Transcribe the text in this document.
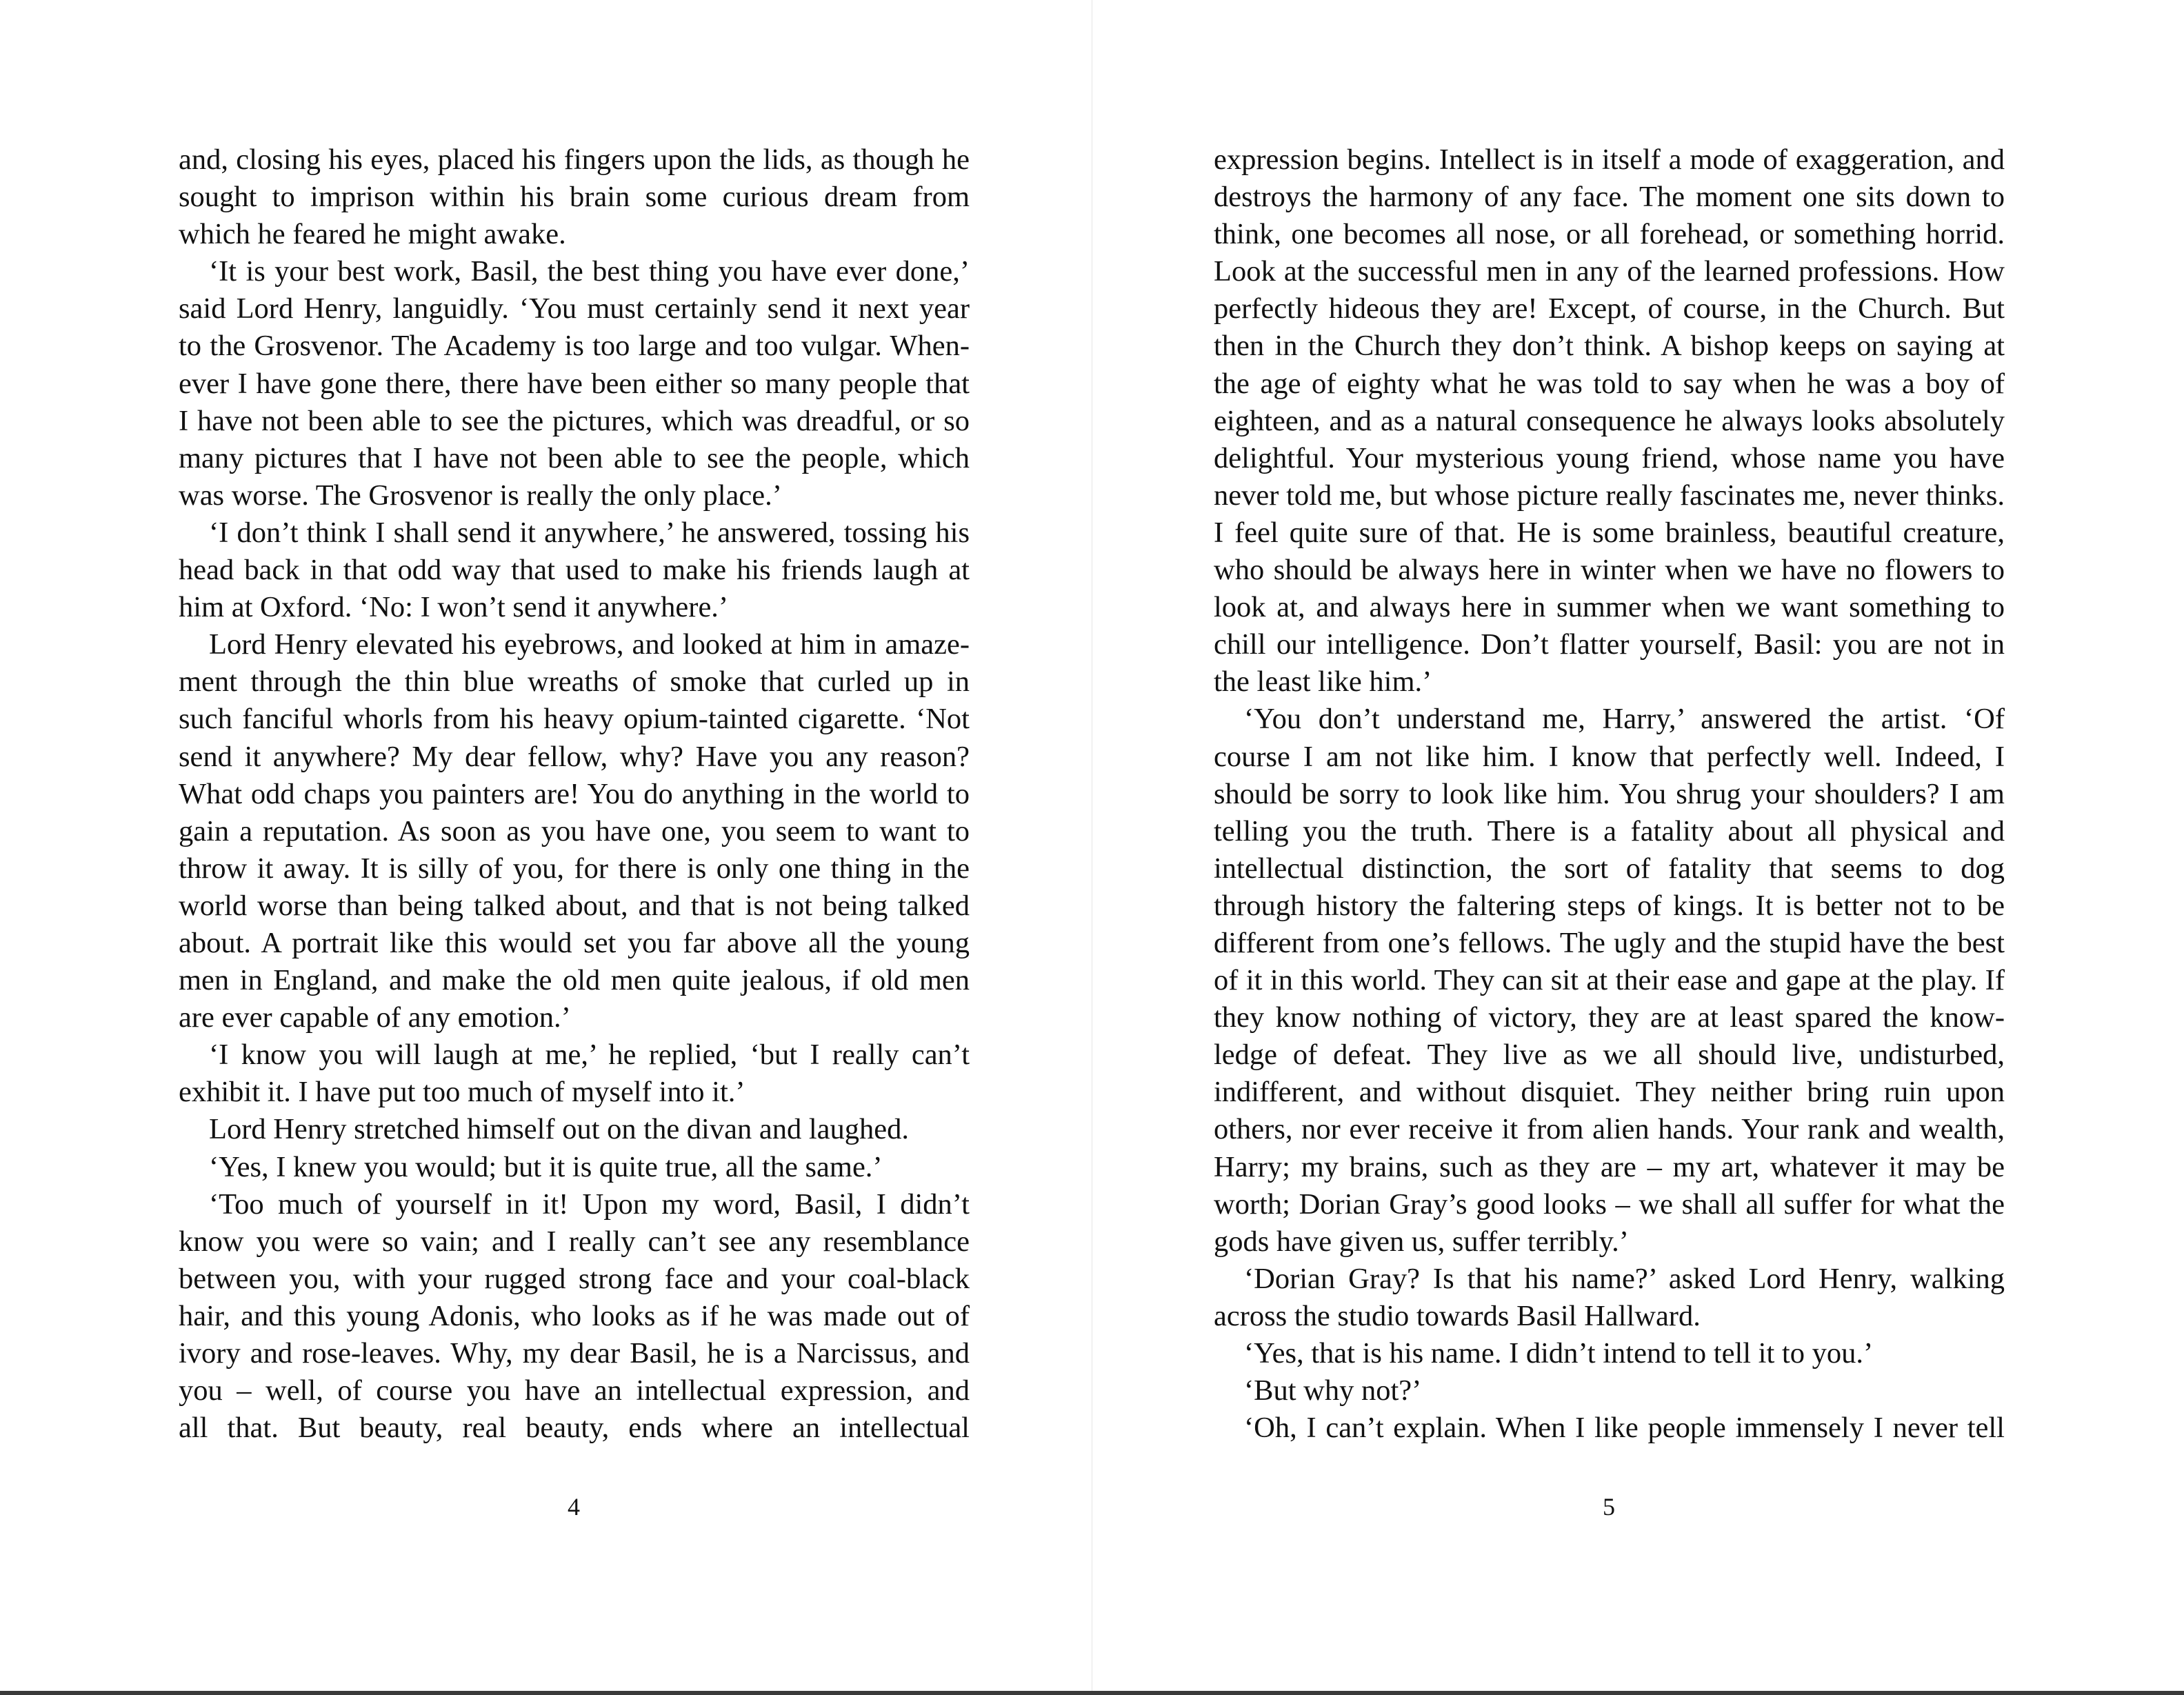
and, closing his eyes, placed his fingers upon the lids, as though he
sought to imprison within his brain some curious dream from
which he feared he might awake.
‘It is your best work, Basil, the best thing you have ever done,’
said Lord Henry, languidly. ‘You must certainly send it next year
to the Grosvenor. The Academy is too large and too vulgar. When-
ever I have gone there, there have been either so many people that
I have not been able to see the pictures, which was dreadful, or so
many pictures that I have not been able to see the people, which
was worse. The Grosvenor is really the only place.’
‘I don’t think I shall send it anywhere,’ he answered, tossing his
head back in that odd way that used to make his friends laugh at
him at Oxford. ‘No: I won’t send it anywhere.’
Lord Henry elevated his eyebrows, and looked at him in amaze-
ment through the thin blue wreaths of smoke that curled up in
such fanciful whorls from his heavy opium-tainted cigarette. ‘Not
send it anywhere? My dear fellow, why? Have you any reason?
What odd chaps you painters are! You do anything in the world to
gain a reputation. As soon as you have one, you seem to want to
throw it away. It is silly of you, for there is only one thing in the
world worse than being talked about, and that is not being talked
about. A portrait like this would set you far above all the young
men in England, and make the old men quite jealous, if old men
are ever capable of any emotion.’
‘I know you will laugh at me,’ he replied, ‘but I really can’t
exhibit it. I have put too much of myself into it.’
Lord Henry stretched himself out on the divan and laughed.
‘Yes, I knew you would; but it is quite true, all the same.’
‘Too much of yourself in it! Upon my word, Basil, I didn’t
know you were so vain; and I really can’t see any resemblance
between you, with your rugged strong face and your coal-black
hair, and this young Adonis, who looks as if he was made out of
ivory and rose-leaves. Why, my dear Basil, he is a Narcissus, and
you – well, of course you have an intellectual expression, and
all that. But beauty, real beauty, ends where an intellectual
4
expression begins. Intellect is in itself a mode of exaggeration, and
destroys the harmony of any face. The moment one sits down to
think, one becomes all nose, or all forehead, or something horrid.
Look at the successful men in any of the learned professions. How
perfectly hideous they are! Except, of course, in the Church. But
then in the Church they don’t think. A bishop keeps on saying at
the age of eighty what he was told to say when he was a boy of
eighteen, and as a natural consequence he always looks absolutely
delightful. Your mysterious young friend, whose name you have
never told me, but whose picture really fascinates me, never thinks.
I feel quite sure of that. He is some brainless, beautiful creature,
who should be always here in winter when we have no flowers to
look at, and always here in summer when we want something to
chill our intelligence. Don’t flatter yourself, Basil: you are not in
the least like him.’
‘You don’t understand me, Harry,’ answered the artist. ‘Of
course I am not like him. I know that perfectly well. Indeed, I
should be sorry to look like him. You shrug your shoulders? I am
telling you the truth. There is a fatality about all physical and
intellectual distinction, the sort of fatality that seems to dog
through history the faltering steps of kings. It is better not to be
different from one’s fellows. The ugly and the stupid have the best
of it in this world. They can sit at their ease and gape at the play. If
they know nothing of victory, they are at least spared the know-
ledge of defeat. They live as we all should live, undisturbed,
indifferent, and without disquiet. They neither bring ruin upon
others, nor ever receive it from alien hands. Your rank and wealth,
Harry; my brains, such as they are – my art, whatever it may be
worth; Dorian Gray’s good looks – we shall all suffer for what the
gods have given us, suffer terribly.’
‘Dorian Gray? Is that his name?’ asked Lord Henry, walking
across the studio towards Basil Hallward.
‘Yes, that is his name. I didn’t intend to tell it to you.’
‘But why not?’
‘Oh, I can’t explain. When I like people immensely I never tell
5
